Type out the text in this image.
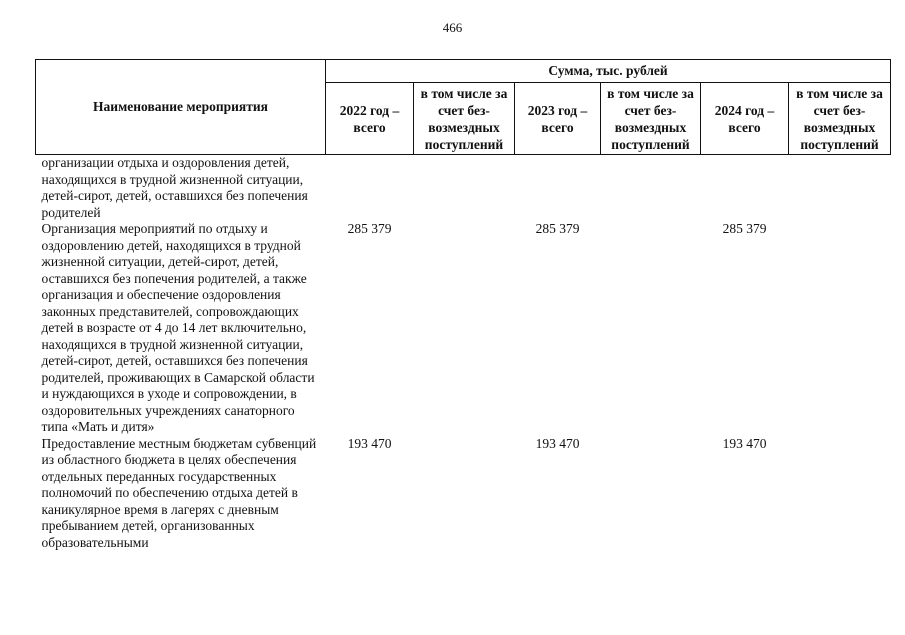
466
Наименование мероприятия	Сумма, тыс. рублей					
	2022 год – всего	в том числе за счет без-возмездных поступлений	2023 год – всего	в том числе за счет без-возмездных поступлений	2024 год – всего	в том числе за счет без-возмездных поступлений
организации отдыха и оздоровления детей, находящихся в трудной жизненной ситуации, детей-сирот, детей, оставшихся без попечения родителей						
Организация мероприятий по отдыху и оздоровлению детей, находящихся в трудной жизненной ситуации, детей-сирот, детей, оставшихся без попечения родителей, а также организация и обеспечение оздоровления законных представителей, сопровождающих детей в возрасте от 4 до 14 лет включительно, находящихся в трудной жизненной ситуации, детей-сирот, детей, оставшихся без попечения родителей, проживающих в Самарской области и нуждающихся в уходе и сопровождении, в оздоровительных учреждениях санаторного типа «Мать и дитя»	285 379		285 379		285 379	
Предоставление местным бюджетам субвенций из областного бюджета в целях обеспечения отдельных переданных государственных полномочий по обеспечению отдыха детей в каникулярное время в лагерях с дневным пребыванием детей, организованных образовательными	193 470		193 470		193 470	
